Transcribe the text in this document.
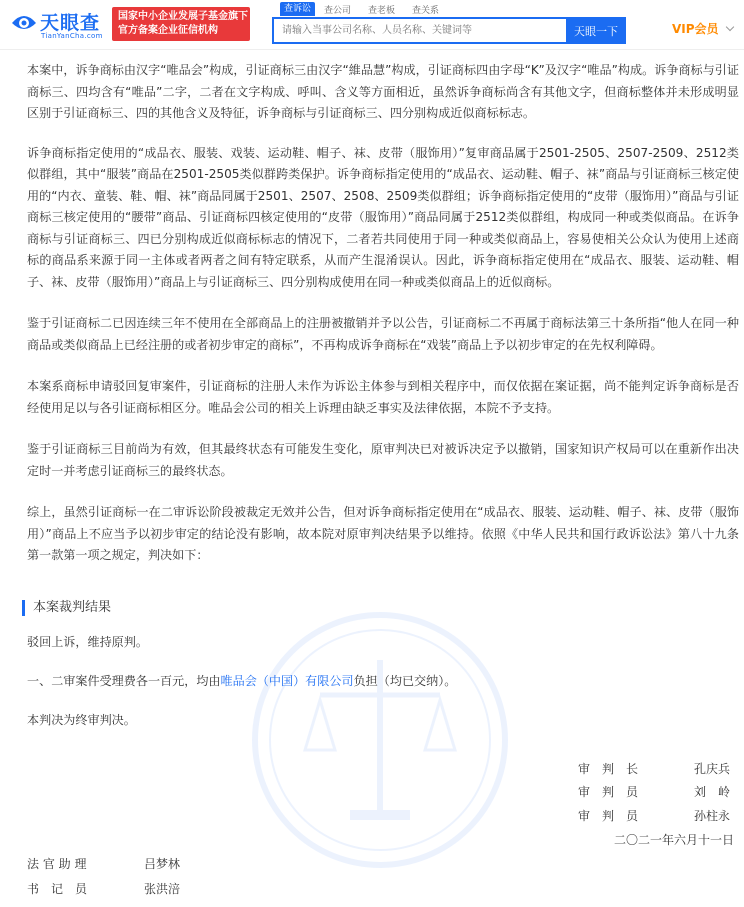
天眼查
TianYanCha.com
国家中小企业发展子基金旗下
官方备案企业征信机构
查诉讼	查公司 查老板 查关系
请输入当事公司名称、人员名称、关键词等
天眼一下	VIP会员

本案中，诉争商标由汉字“唯品会”构成，引证商标三由汉字“維品慧”构成，引证商标四由字母“K”及汉字“唯品”构成。诉争商标与引证商标三、四均含有“唯品”二字，二者在文字构成、呼叫、含义等方面相近，虽然诉争商标尚含有其他文字，但商标整体并未形成明显区别于引证商标三、四的其他含义及特征，诉争商标与引证商标三、四分别构成近似商标标志。

诉争商标指定使用的“成品衣、服装、戏装、运动鞋、帽子、袜、皮带（服饰用）”复审商品属于2501-2505、2507-2509、2512类似群组，其中“服装”商品在2501-2505类似群跨类保护。诉争商标指定使用的“成品衣、运动鞋、帽子、袜”商品与引证商标三核定使用的“内衣、童装、鞋、帽、袜”商品同属于2501、2507、2508、2509类似群组；诉争商标指定使用的“皮带（服饰用）”商品与引证商标三核定使用的“腰带”商品、引证商标四核定使用的“皮带（服饰用）”商品同属于2512类似群组，构成同一种或类似商品。在诉争商标与引证商标三、四已分别构成近似商标标志的情况下，二者若共同使用于同一种或类似商品上，容易使相关公众认为使用上述商标的商品系来源于同一主体或者两者之间有特定联系，从而产生混淆误认。因此，诉争商标指定使用在“成品衣、服装、运动鞋、帽子、袜、皮带（服饰用）”商品上与引证商标三、四分别构成使用在同一种或类似商品上的近似商标。

鉴于引证商标二已因连续三年不使用在全部商品上的注册被撤销并予以公告，引证商标二不再属于商标法第三十条所指“他人在同一种商品或类似商品上已经注册的或者初步审定的商标”，不再构成诉争商标在“戏装”商品上予以初步审定的在先权利障碍。

本案系商标申请驳回复审案件，引证商标的注册人未作为诉讼主体参与到相关程序中，而仅依据在案证据，尚不能判定诉争商标是否经使用足以与各引证商标相区分。唯品会公司的相关上诉理由缺乏事实及法律依据，本院不予支持。

鉴于引证商标三目前尚为有效，但其最终状态有可能发生变化，原审判决已对被诉决定予以撤销，国家知识产权局可以在重新作出决定时一并考虑引证商标三的最终状态。

综上，虽然引证商标一在二审诉讼阶段被裁定无效并公告，但对诉争商标指定使用在“成品衣、服装、运动鞋、帽子、袜、皮带（服饰用）”商品上不应当予以初步审定的结论没有影响，故本院对原审判决结果予以维持。依照《中华人民共和国行政诉讼法》第八十九条第一款第一项之规定，判决如下：

本案裁判结果
驳回上诉，维持原判。
一、二审案件受理费各一百元，均由唯品会（中国）有限公司负担（均已交纳）。
本判决为终审判决。
审　判　长	孔庆兵
审　判　员	刘　岭
审　判　员	孙柱永
二〇二一年六月十一日
法 官 助 理	吕梦林
书　记　员	张洪涪
